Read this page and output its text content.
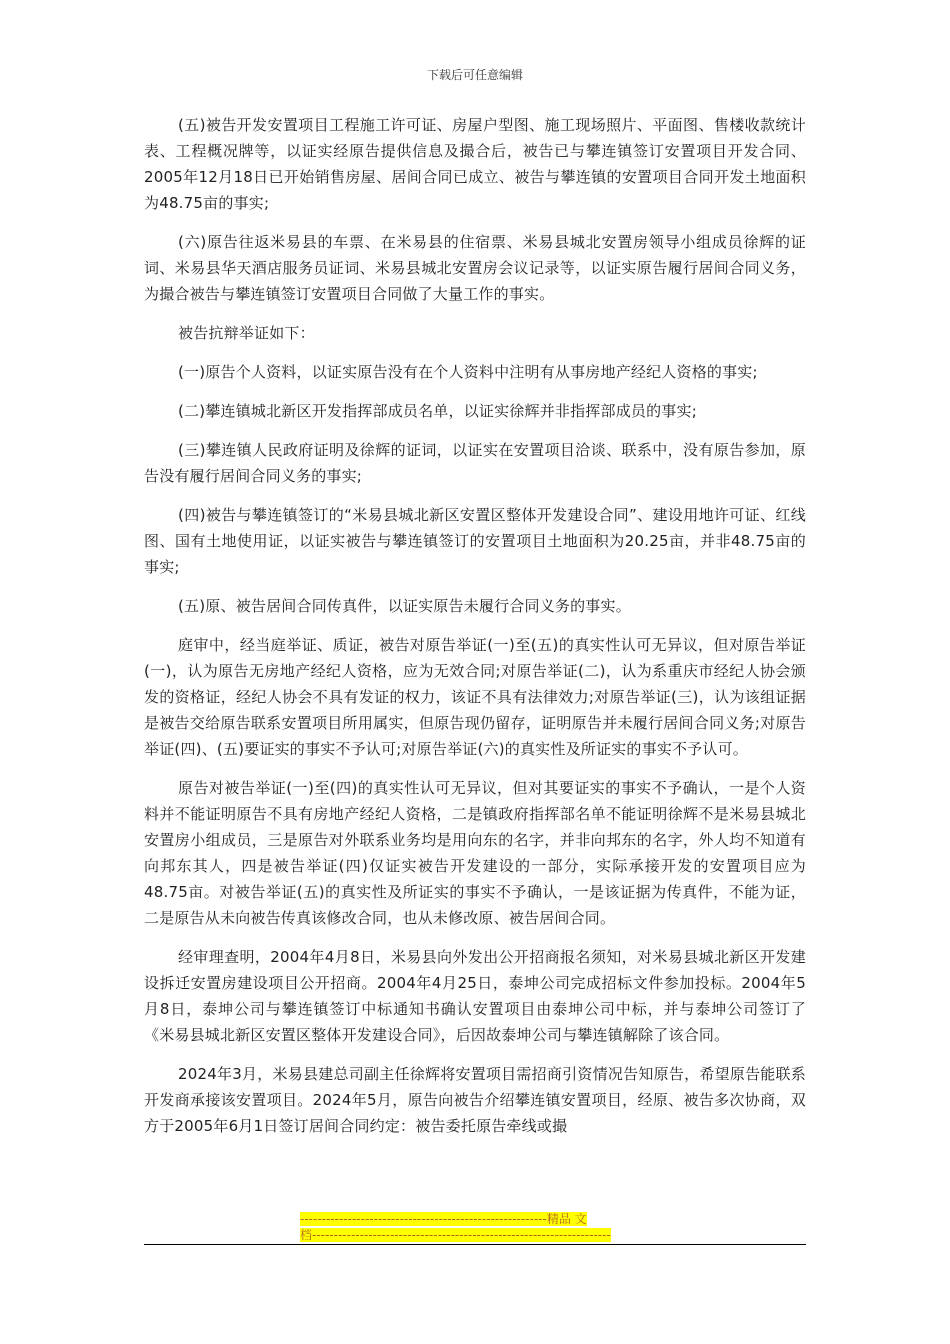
下载后可任意编辑

(五)被告开发安置项目工程施工许可证、房屋户型图、施工现场照片、平面图、售楼收款统计表、工程概况牌等，以证实经原告提供信息及撮合后，被告已与攀连镇签订安置项目开发合同、2005年12月18日已开始销售房屋、居间合同已成立、被告与攀连镇的安置项目合同开发土地面积为48.75亩的事实;

(六)原告往返米易县的车票、在米易县的住宿票、米易县城北安置房领导小组成员徐辉的证词、米易县华天酒店服务员证词、米易县城北安置房会议记录等，以证实原告履行居间合同义务，为撮合被告与攀连镇签订安置项目合同做了大量工作的事实。

被告抗辩举证如下：

(一)原告个人资料，以证实原告没有在个人资料中注明有从事房地产经纪人资格的事实;

(二)攀连镇城北新区开发指挥部成员名单，以证实徐辉并非指挥部成员的事实;

(三)攀连镇人民政府证明及徐辉的证词，以证实在安置项目洽谈、联系中，没有原告参加，原告没有履行居间合同义务的事实;

(四)被告与攀连镇签订的“米易县城北新区安置区整体开发建设合同”、建设用地许可证、红线图、国有土地使用证，以证实被告与攀连镇签订的安置项目土地面积为20.25亩，并非48.75亩的事实;

(五)原、被告居间合同传真件，以证实原告未履行合同义务的事实。

庭审中，经当庭举证、质证，被告对原告举证(一)至(五)的真实性认可无异议，但对原告举证(一)，认为原告无房地产经纪人资格，应为无效合同;对原告举证(二)，认为系重庆市经纪人协会颁发的资格证，经纪人协会不具有发证的权力，该证不具有法律效力;对原告举证(三)，认为该组证据是被告交给原告联系安置项目所用属实，但原告现仍留存，证明原告并未履行居间合同义务;对原告举证(四)、(五)要证实的事实不予认可;对原告举证(六)的真实性及所证实的事实不予认可。

原告对被告举证(一)至(四)的真实性认可无异议，但对其要证实的事实不予确认，一是个人资料并不能证明原告不具有房地产经纪人资格，二是镇政府指挥部名单不能证明徐辉不是米易县城北安置房小组成员，三是原告对外联系业务均是用向东的名字，并非向邦东的名字，外人均不知道有向邦东其人，四是被告举证(四)仅证实被告开发建设的一部分，实际承接开发的安置项目应为48.75亩。对被告举证(五)的真实性及所证实的事实不予确认，一是该证据为传真件，不能为证，二是原告从未向被告传真该修改合同，也从未修改原、被告居间合同。

经审理查明，2004年4月8日，米易县向外发出公开招商报名须知，对米易县城北新区开发建设拆迁安置房建设项目公开招商。2004年4月25日，泰坤公司完成招标文件参加投标。2004年5月8日，泰坤公司与攀连镇签订中标通知书确认安置项目由泰坤公司中标，并与泰坤公司签订了《米易县城北新区安置区整体开发建设合同》，后因故泰坤公司与攀连镇解除了该合同。

2024年3月，米易县建总司副主任徐辉将安置项目需招商引资情况告知原告，希望原告能联系开发商承接该安置项目。2024年5月，原告向被告介绍攀连镇安置项目，经原、被告多次协商，双方于2005年6月1日签订居间合同约定：被告委托原告牵线或撮

---------------------------------------------------------精品 文
档---------------------------------------------------------------------
